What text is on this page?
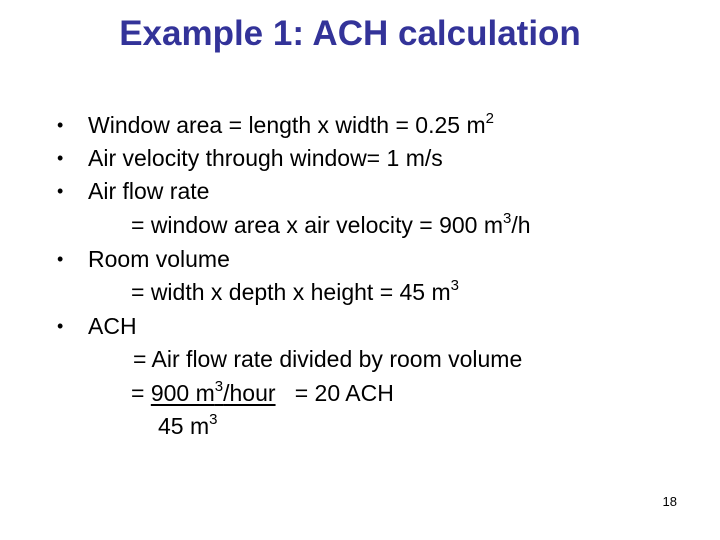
Example 1: ACH calculation
• Window area = length x width = 0.25 $m^2$
• Air velocity through window= 1 m/s
• Air flow rate
= window area x air velocity = 900 $m^3/h$
• Room volume
= width x depth x height = 45 $m^3$
• ACH
= Air flow rate divided by room volume
= 900 $m^3$/hour   = 20 ACH
45 $m^3$
18
